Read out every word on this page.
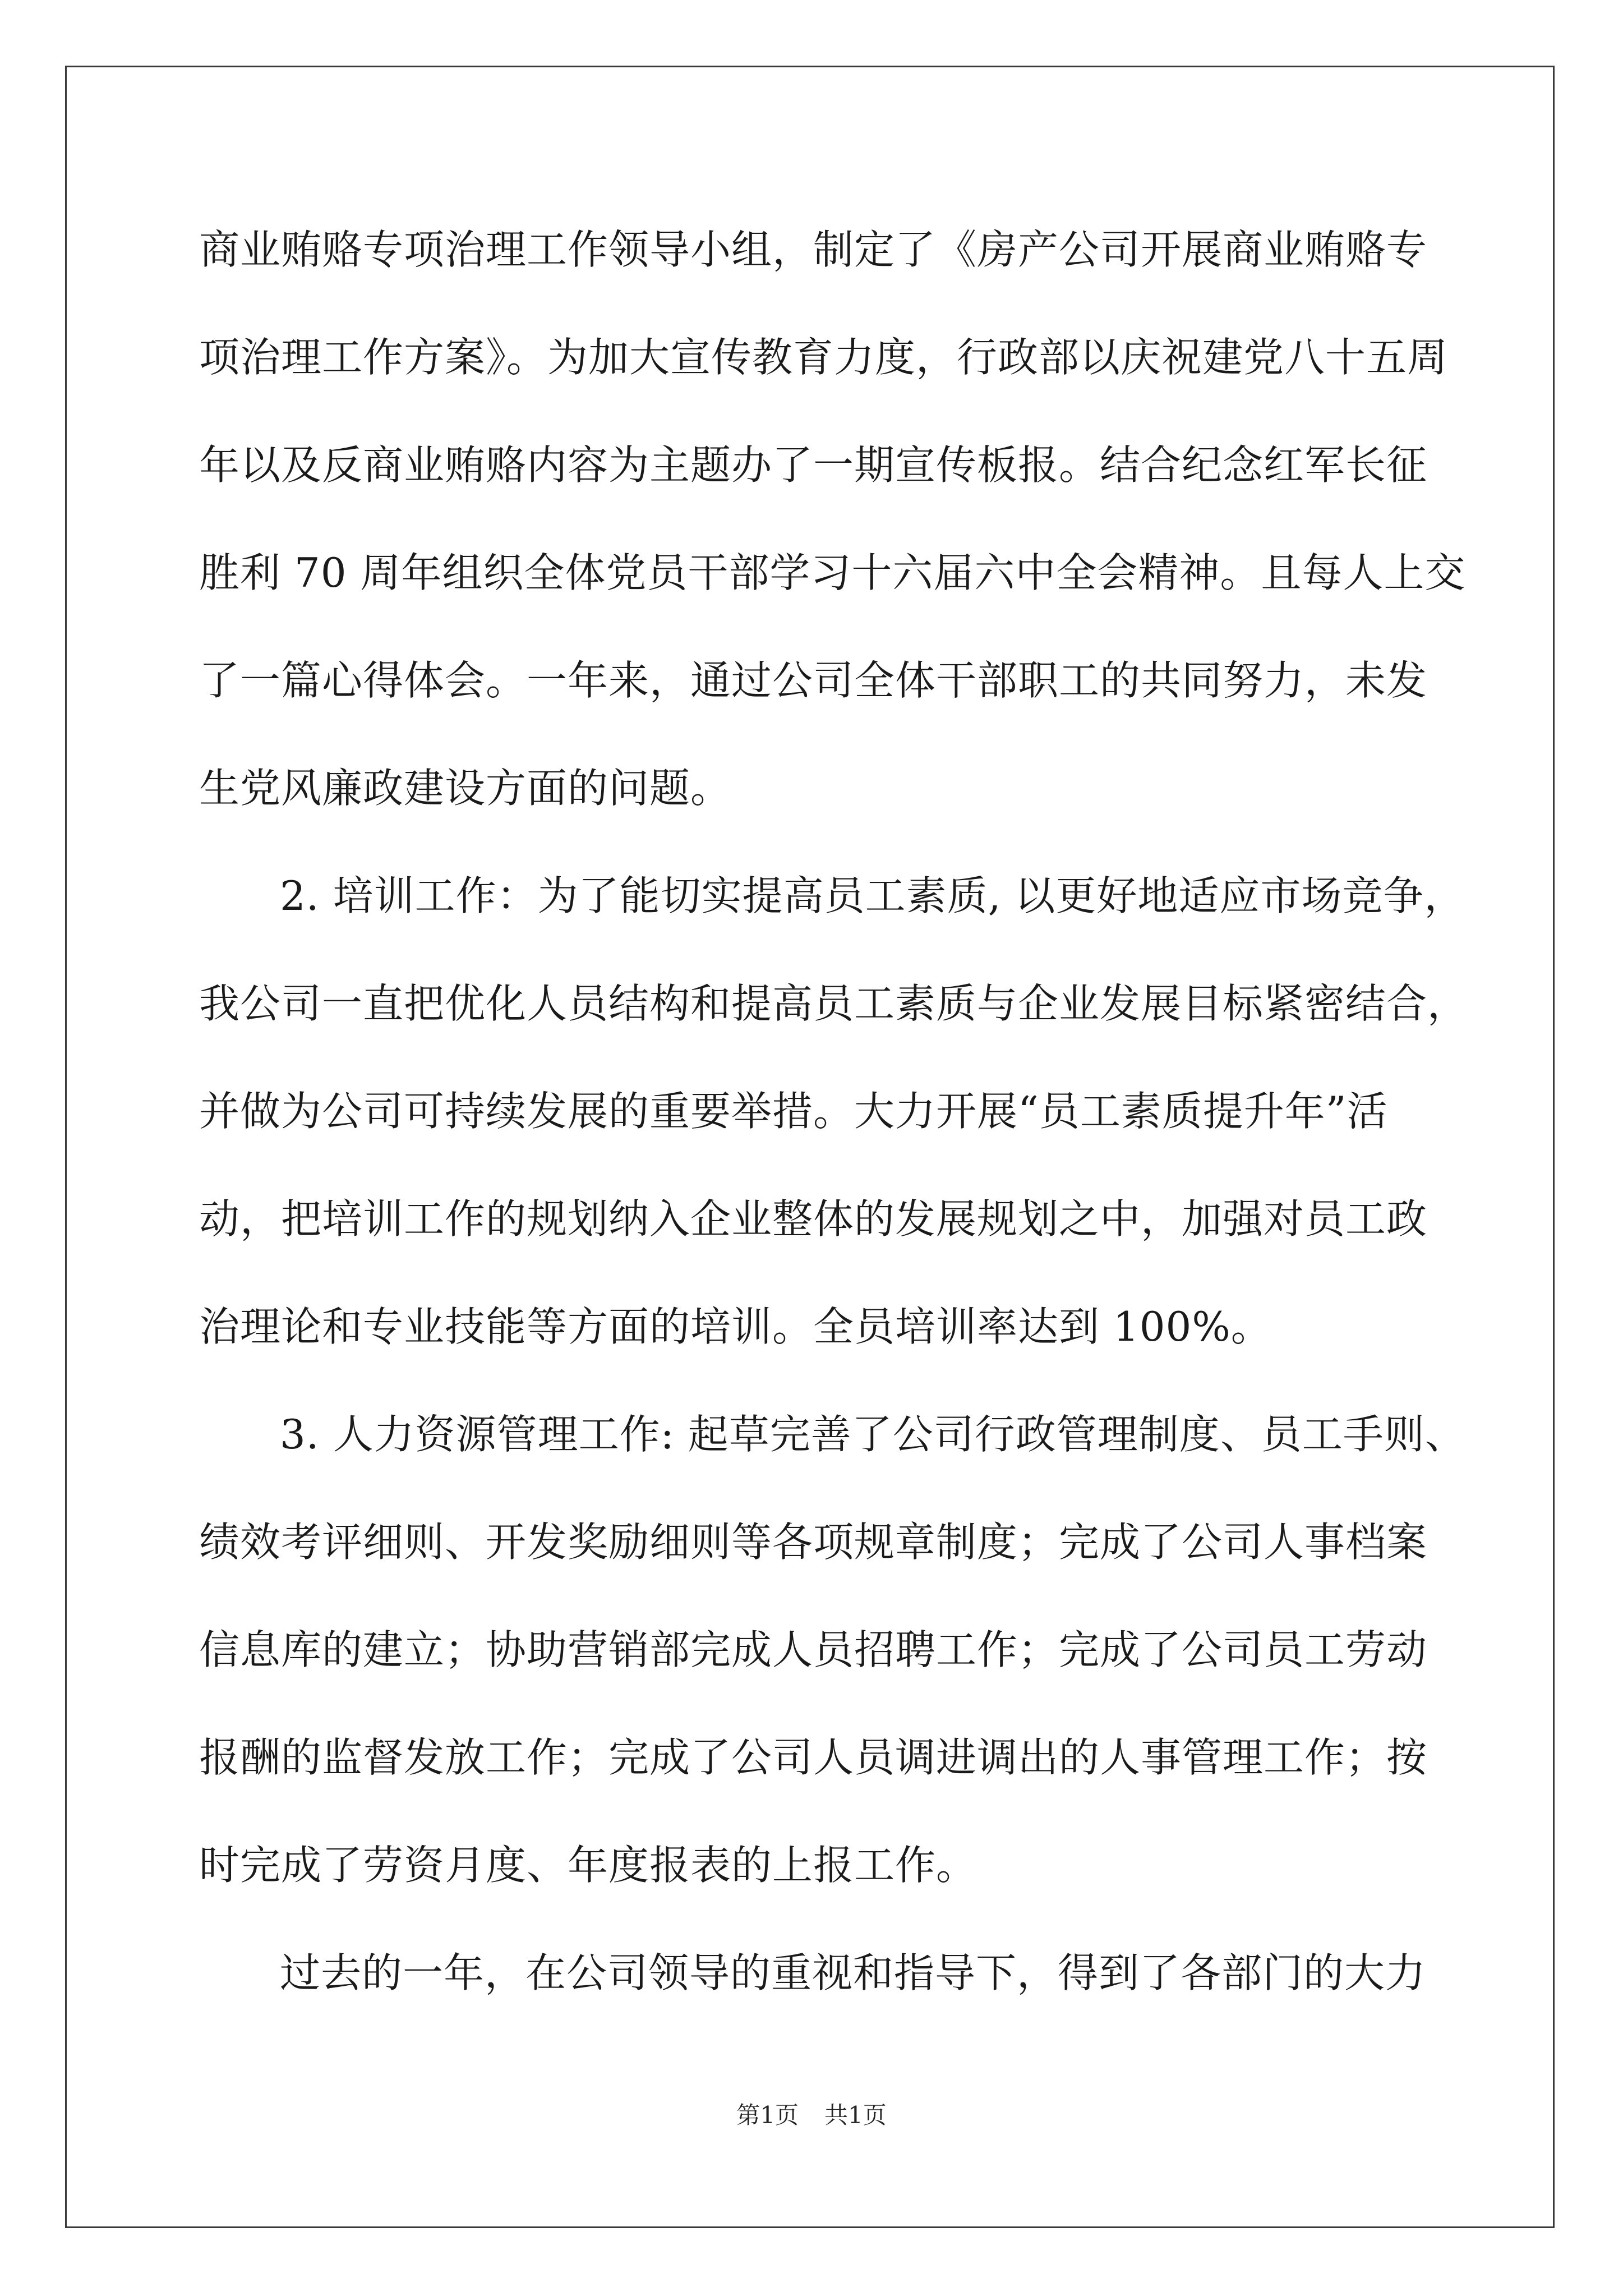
商业贿赂专项治理工作领导小组，制定了《房产公司开展商业贿赂专
项治理工作方案》。为加大宣传教育力度，行政部以庆祝建党八十五周
年以及反商业贿赂内容为主题办了一期宣传板报。结合纪念红军长征
胜利 70 周年组织全体党员干部学习十六届六中全会精神。且每人上交
了一篇心得体会。一年来，通过公司全体干部职工的共同努力，未发
生党风廉政建设方面的问题。
2. 培训工作：为了能切实提高员工素质, 以更好地适应市场竞争，
我公司一直把优化人员结构和提高员工素质与企业发展目标紧密结合，
并做为公司可持续发展的重要举措。大力开展“员工素质提升年”活
动，把培训工作的规划纳入企业整体的发展规划之中，加强对员工政
治理论和专业技能等方面的培训。全员培训率达到 100%。
3. 人力资源管理工作: 起草完善了公司行政管理制度、员工手则、
绩效考评细则、开发奖励细则等各项规章制度；完成了公司人事档案
信息库的建立；协助营销部完成人员招聘工作；完成了公司员工劳动
报酬的监督发放工作；完成了公司人员调进调出的人事管理工作；按
时完成了劳资月度、年度报表的上报工作。
过去的一年，在公司领导的重视和指导下，得到了各部门的大力
第1页 共1页
